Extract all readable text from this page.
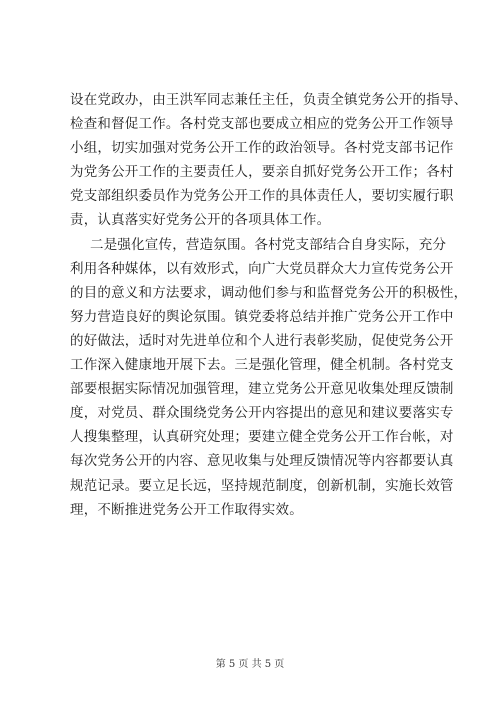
设在党政办，由王洪军同志兼任主任，负责全镇党务公开的指导、
检查和督促工作。各村党支部也要成立相应的党务公开工作领导
小组，切实加强对党务公开工作的政治领导。各村党支部书记作
为党务公开工作的主要责任人，要亲自抓好党务公开工作；各村
党支部组织委员作为党务公开工作的具体责任人，要切实履行职
责，认真落实好党务公开的各项具体工作。
二是强化宣传，营造氛围。各村党支部结合自身实际，充分
利用各种媒体，以有效形式，向广大党员群众大力宣传党务公开
的目的意义和方法要求，调动他们参与和监督党务公开的积极性，
努力营造良好的舆论氛围。镇党委将总结并推广党务公开工作中
的好做法，适时对先进单位和个人进行表彰奖励，促使党务公开
工作深入健康地开展下去。三是强化管理，健全机制。各村党支
部要根据实际情况加强管理，建立党务公开意见收集处理反馈制
度，对党员、群众围绕党务公开内容提出的意见和建议要落实专
人搜集整理，认真研究处理；要建立健全党务公开工作台帐，对
每次党务公开的内容、意见收集与处理反馈情况等内容都要认真
规范记录。要立足长远，坚持规范制度，创新机制，实施长效管
理，不断推进党务公开工作取得实效。
第 5 页 共 5 页
